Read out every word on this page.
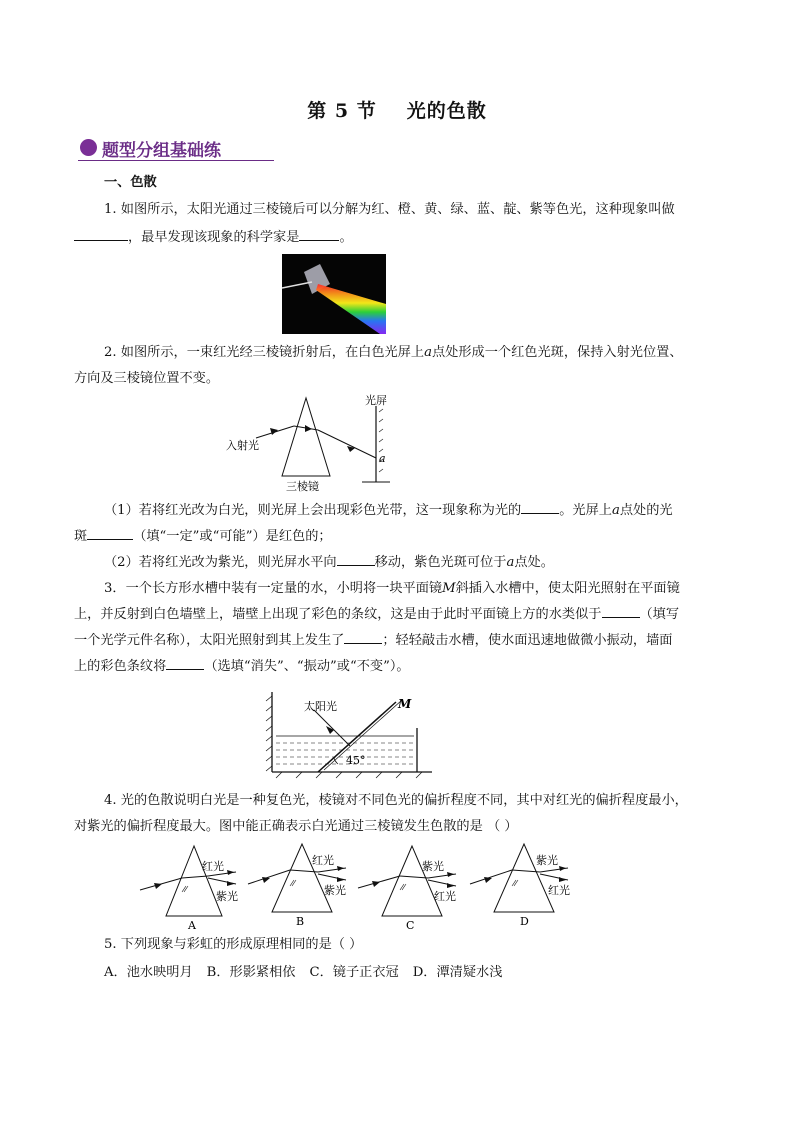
第 5 节 光的色散
题型分组基础练
一、色散
1. 如图所示，太阳光通过三棱镜后可以分解为红、橙、黄、绿、蓝、靛、紫等色光，这种现象叫做
，最早发现该现象的科学家是	。
2. 如图所示，一束红光经三棱镜折射后，在白色光屏上a点处形成一个红色光斑，保持入射光位置、
方向及三棱镜位置不变。
入射光
光屏
三棱镜
a
（1）若将红光改为白光，则光屏上会出现彩色光带，这一现象称为光的	。光屏上a点处的光
斑	（填“一定”或“可能”）是红色的；
（2）若将红光改为紫光，则光屏水平向	移动，紫色光斑可位于a点处。
3．一个长方形水槽中装有一定量的水，小明将一块平面镜M斜插入水槽中，使太阳光照射在平面镜
上，并反射到白色墙壁上，墙壁上出现了彩色的条纹，这是由于此时平面镜上方的水类似于	（填写
一个光学元件名称），太阳光照射到其上发生了	；轻轻敲击水槽，使水面迅速地做微小振动，墙面
上的彩色条纹将	（选填“消失”、“振动”或“不变”）。
太阳光	M
45°
4. 光的色散说明白光是一种复色光，棱镜对不同色光的偏折程度不同，其中对红光的偏折程度最小，
对紫光的偏折程度最大。图中能正确表示白光通过三棱镜发生色散的是 （ ）
红光
紫光
A
红光
紫光
B
紫光
红光
C
紫光
红光
D
5. 下列现象与彩虹的形成原理相同的是（ ）
A．池水映明月 B．形影紧相依 C．镜子正衣冠 D．潭清疑水浅
